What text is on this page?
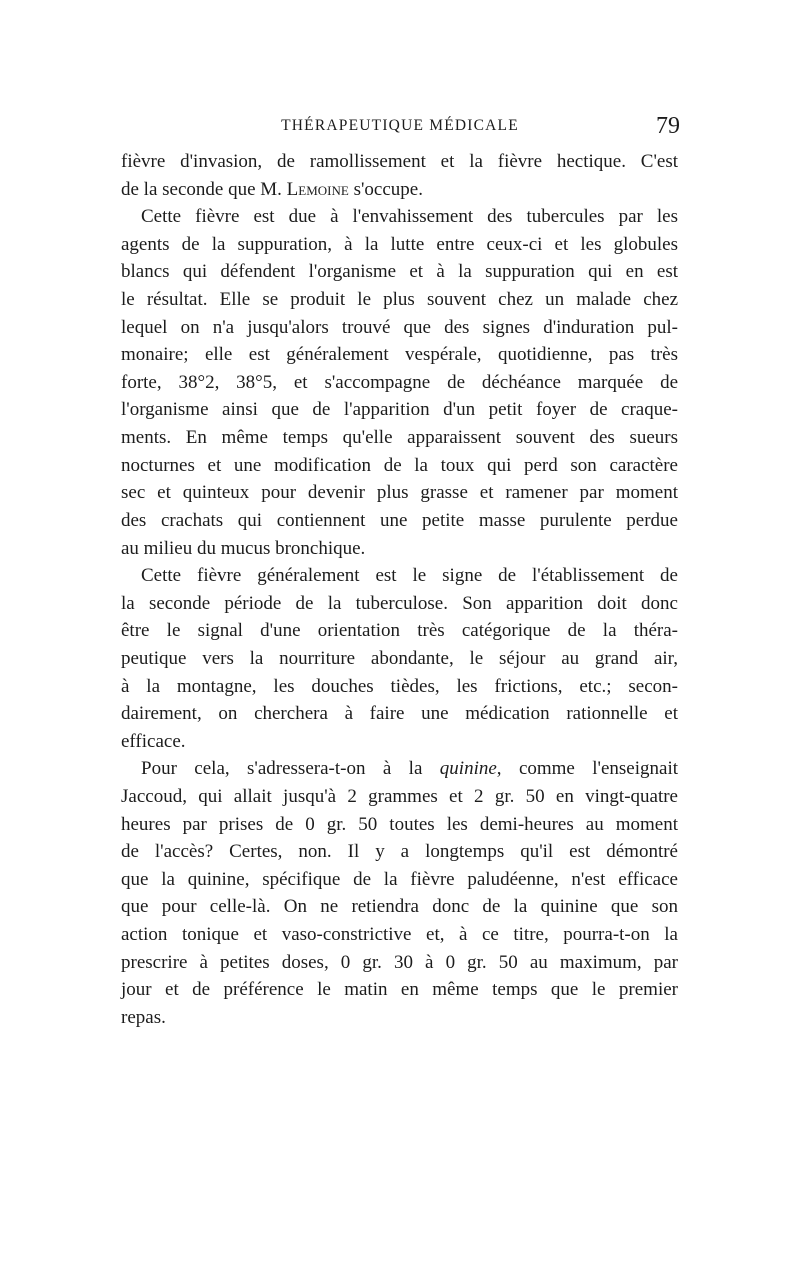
THÉRAPEUTIQUE MÉDICALE	79
fièvre d'invasion, de ramollissement et la fièvre hectique. C'est
de la seconde que M. Lemoine s'occupe.
Cette fièvre est due à l'envahissement des tubercules par les
agents de la suppuration, à la lutte entre ceux-ci et les globules
blancs qui défendent l'organisme et à la suppuration qui en est
le résultat. Elle se produit le plus souvent chez un malade chez
lequel on n'a jusqu'alors trouvé que des signes d'induration pul-
monaire; elle est généralement vespérale, quotidienne, pas très
forte, 38°2, 38°5, et s'accompagne de déchéance marquée de
l'organisme ainsi que de l'apparition d'un petit foyer de craque-
ments. En même temps qu'elle apparaissent souvent des sueurs
nocturnes et une modification de la toux qui perd son caractère
sec et quinteux pour devenir plus grasse et ramener par moment
des crachats qui contiennent une petite masse purulente perdue
au milieu du mucus bronchique.
Cette fièvre généralement est le signe de l'établissement de
la seconde période de la tuberculose. Son apparition doit donc
être le signal d'une orientation très catégorique de la théra-
peutique vers la nourriture abondante, le séjour au grand air,
à la montagne, les douches tièdes, les frictions, etc.; secon-
dairement, on cherchera à faire une médication rationnelle et
efficace.
Pour cela, s'adressera-t-on à la quinine, comme l'enseignait
Jaccoud, qui allait jusqu'à 2 grammes et 2 gr. 50 en vingt-quatre
heures par prises de 0 gr. 50 toutes les demi-heures au moment
de l'accès? Certes, non. Il y a longtemps qu'il est démontré
que la quinine, spécifique de la fièvre paludéenne, n'est efficace
que pour celle-là. On ne retiendra donc de la quinine que son
action tonique et vaso-constrictive et, à ce titre, pourra-t-on la
prescrire à petites doses, 0 gr. 30 à 0 gr. 50 au maximum, par
jour et de préférence le matin en même temps que le premier
repas.
